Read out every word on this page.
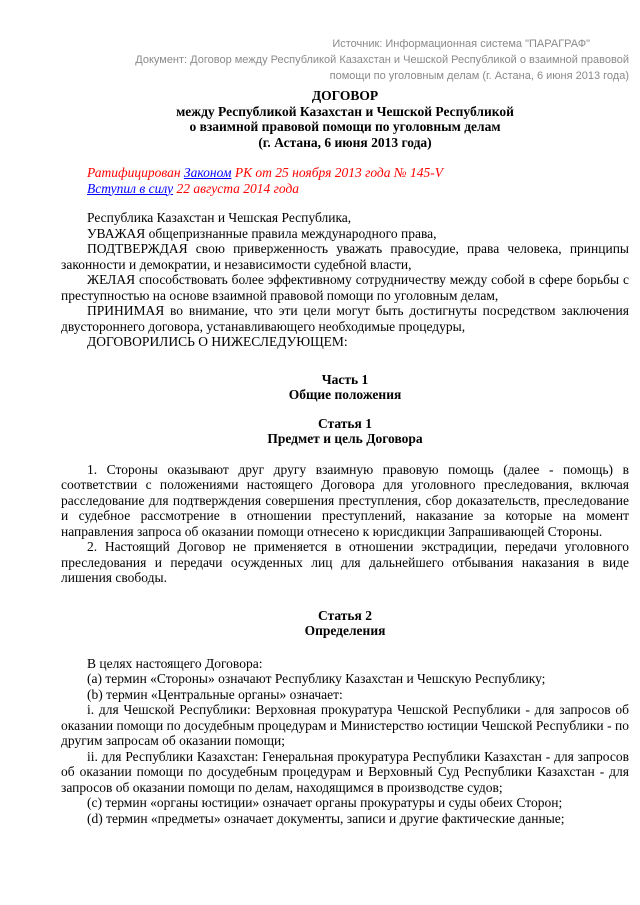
Источник: Информационная система "ПАРАГРАФ"
Документ: Договор между Республикой Казахстан и Чешской Республикой о взаимной правовой помощи по уголовным делам (г. Астана, 6 июня 2013 года)
ДОГОВОР
между Республикой Казахстан и Чешской Республикой
о взаимной правовой помощи по уголовным делам
(г. Астана, 6 июня 2013 года)

Ратифицирован Законом РК от 25 ноября 2013 года № 145-V

Вступил в силу 22 августа 2014 года

Республика Казахстан и Чешская Республика,

УВАЖАЯ общепризнанные правила международного права,

ПОДТВЕРЖДАЯ свою приверженность уважать правосудие, права человека, принципы законности и демократии, и независимости судебной власти,

ЖЕЛАЯ способствовать более эффективному сотрудничеству между собой в сфере борьбы с преступностью на основе взаимной правовой помощи по уголовным делам,

ПРИНИМАЯ во внимание, что эти цели могут быть достигнуты посредством заключения двустороннего договора, устанавливающего необходимые процедуры,

ДОГОВОРИЛИСЬ О НИЖЕСЛЕДУЮЩЕМ:

Часть 1
Общие положения
Статья 1
Предмет и цель Договора

1. Стороны оказывают друг другу взаимную правовую помощь (далее - помощь) в соответствии с положениями настоящего Договора для уголовного преследования, включая расследование для подтверждения совершения преступления, сбор доказательств, преследование и судебное рассмотрение в отношении преступлений, наказание за которые на момент направления запроса об оказании помощи отнесено к юрисдикции Запрашивающей Стороны.

2. Настоящий Договор не применяется в отношении экстрадиции, передачи уголовного преследования и передачи осужденных лиц для дальнейшего отбывания наказания в виде лишения свободы.

Статья 2
Определения

В целях настоящего Договора:

(a) термин «Стороны» означают Республику Казахстан и Чешскую Республику;

(b) термин «Центральные органы» означает:

i. для Чешской Республики: Верховная прокуратура Чешской Республики - для запросов об оказании помощи по досудебным процедурам и Министерство юстиции Чешской Республики - по другим запросам об оказании помощи;

ii. для Республики Казахстан: Генеральная прокуратура Республики Казахстан - для запросов об оказании помощи по досудебным процедурам и Верховный Суд Республики Казахстан - для запросов об оказании помощи по делам, находящимся в производстве судов;

(c) термин «органы юстиции» означает органы прокуратуры и суды обеих Сторон;

(d) термин «предметы» означает документы, записи и другие фактические данные;
